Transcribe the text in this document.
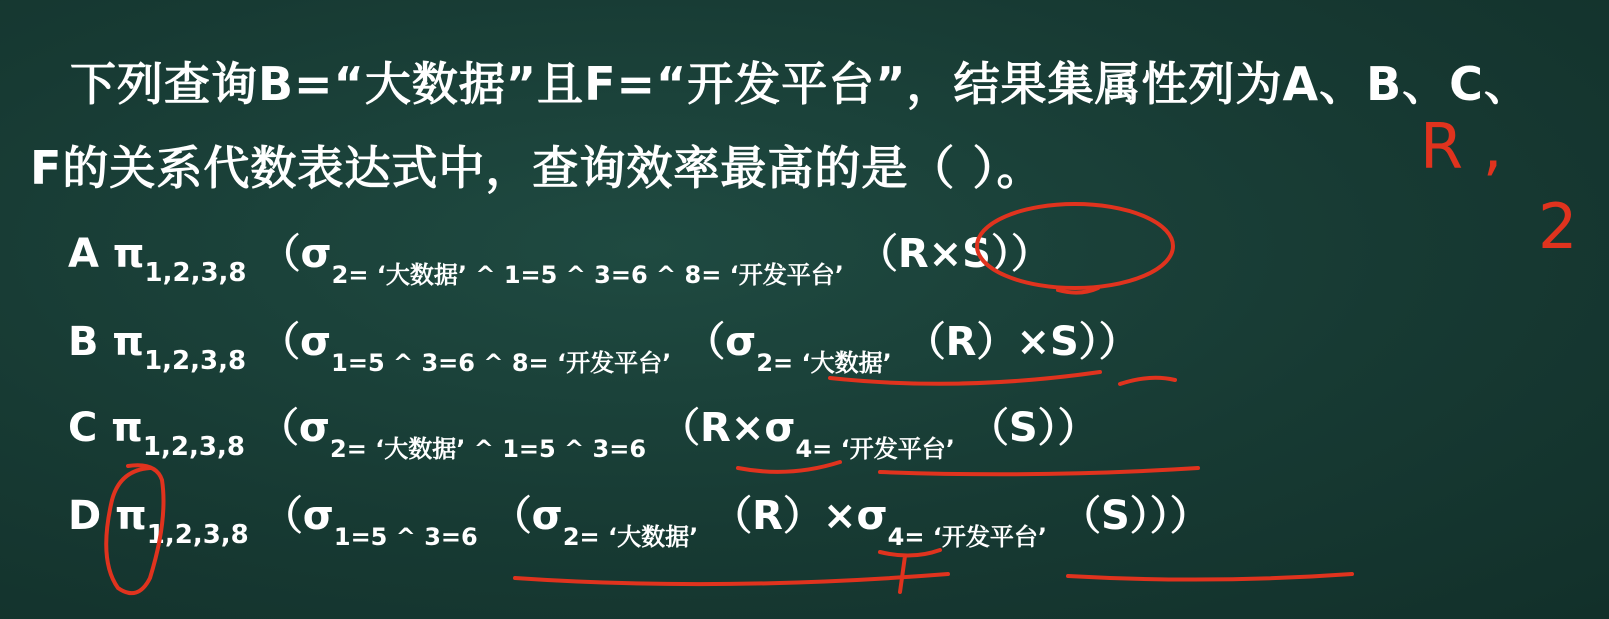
下列查询B=“大数据”且F=“开发平台”，结果集属性列为A、B、C、
F的关系代数表达式中，查询效率最高的是（ ）。
A $\pi_{1,2,3,8}$ （$\sigma_{2= ‘大数据’ \^{} 1=5 \^{} 3=6 \^{} 8= ‘开发平台’}$ （R×S））
B $\pi_{1,2,3,8}$ （$\sigma_{1=5 \^{} 3=6 \^{} 8= ‘开发平台’}$ （$\sigma_{2= ‘大数据’}$ （R）×S））
C $\pi_{1,2,3,8}$ （$\sigma_{2= ‘大数据’ \^{} 1=5 \^{} 3=6}$ （$R\times\sigma_{4= ‘开发平台’}$ （S））
D $\pi_{1,2,3,8}$ （$\sigma_{1=5 \^{} 3=6}$ （$\sigma_{2= ‘大数据’}$ $(R)\times\sigma_{4= ‘开发平台’}$ （S）））
R ,
2
